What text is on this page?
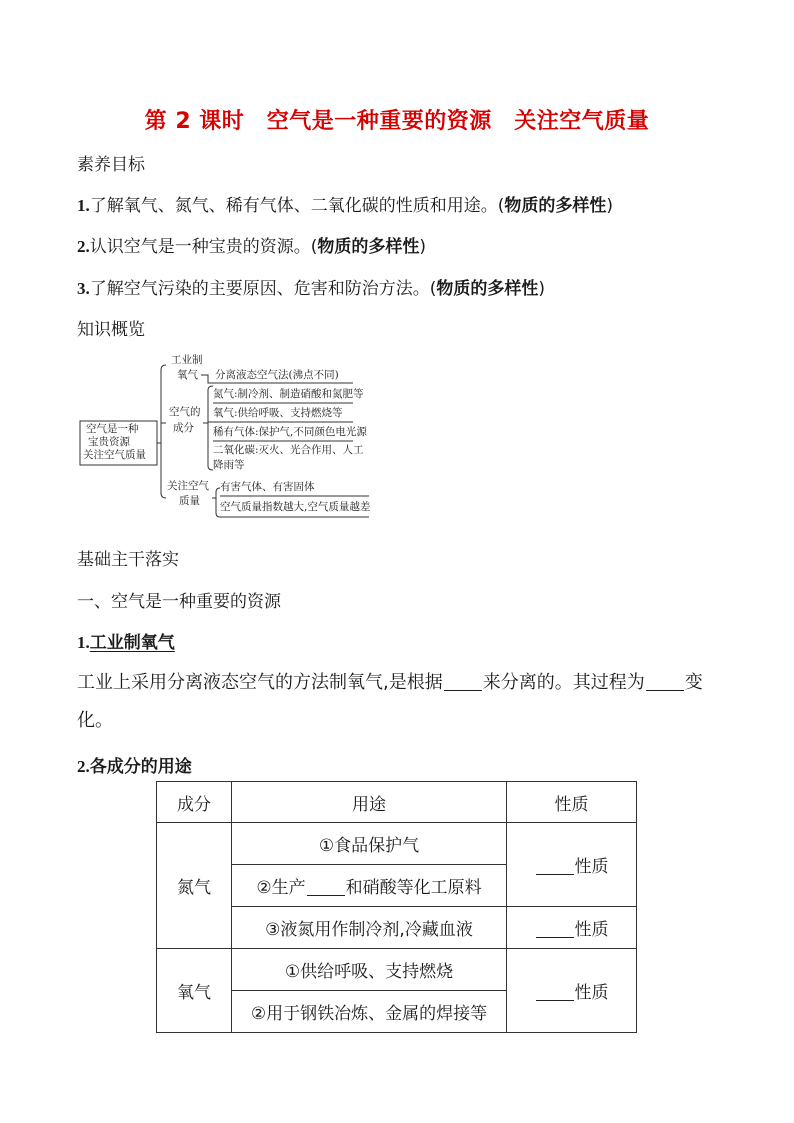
第 2 课时　空气是一种重要的资源　关注空气质量
素养目标
1.了解氧气、氮气、稀有气体、二氧化碳的性质和用途。(物质的多样性)
2.认识空气是一种宝贵的资源。(物质的多样性)
3.了解空气污染的主要原因、危害和防治方法。(物质的多样性)
知识概览
空气是一种
宝贵资源
关注空气质量
工业制
氧气 分离液态空气法(沸点不同)
空气的
成分
氮气:制冷剂、制造硝酸和氮肥等
氧气:供给呼吸、支持燃烧等
稀有气体:保护气,不同颜色电光源
二氧化碳:灭火、光合作用、人工
降雨等
关注空气
质量
有害气体、有害固体
空气质量指数越大,空气质量越差
基础主干落实
一、空气是一种重要的资源
1.工业制氧气
工业上采用分离液态空气的方法制氧气,是根据 来分离的。其过程为 变化。
2.各成分的用途
成分	用途	性质
氮气	①食品保护气	性质
	②生产 和硝酸等化工原料	
	③液氮用作制冷剂,冷藏血液	性质
氧气	①供给呼吸、支持燃烧	性质
	②用于钢铁冶炼、金属的焊接等	
